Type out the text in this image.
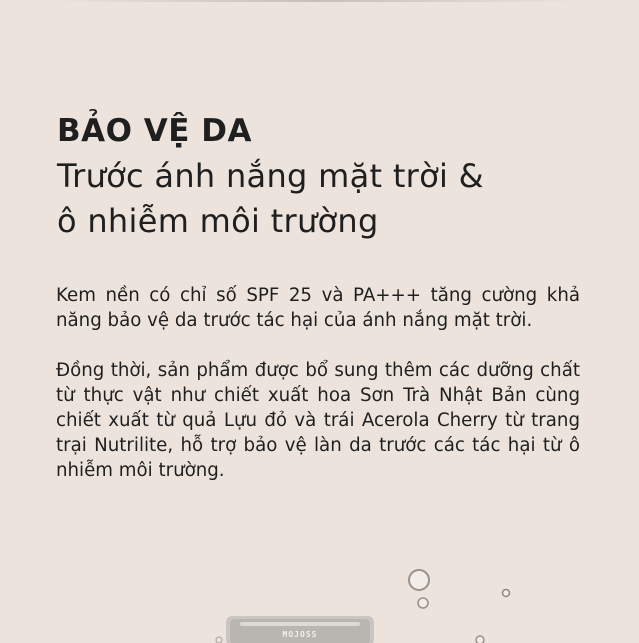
BẢO VỆ DA
Trước ánh nắng mặt trời &
ô nhiễm môi trường

Kem nền có chỉ số SPF 25 và PA+++ tăng cường khả năng bảo vệ da trước tác hại của ánh nắng mặt trời.

Đồng thời, sản phẩm được bổ sung thêm các dưỡng chất từ thực vật như chiết xuất hoa Sơn Trà Nhật Bản cùng chiết xuất từ quả Lựu đỏ và trái Acerola Cherry từ trang trại Nutrilite, hỗ trợ bảo vệ làn da trước các tác hại từ ô nhiễm môi trường.

MOJOSS
